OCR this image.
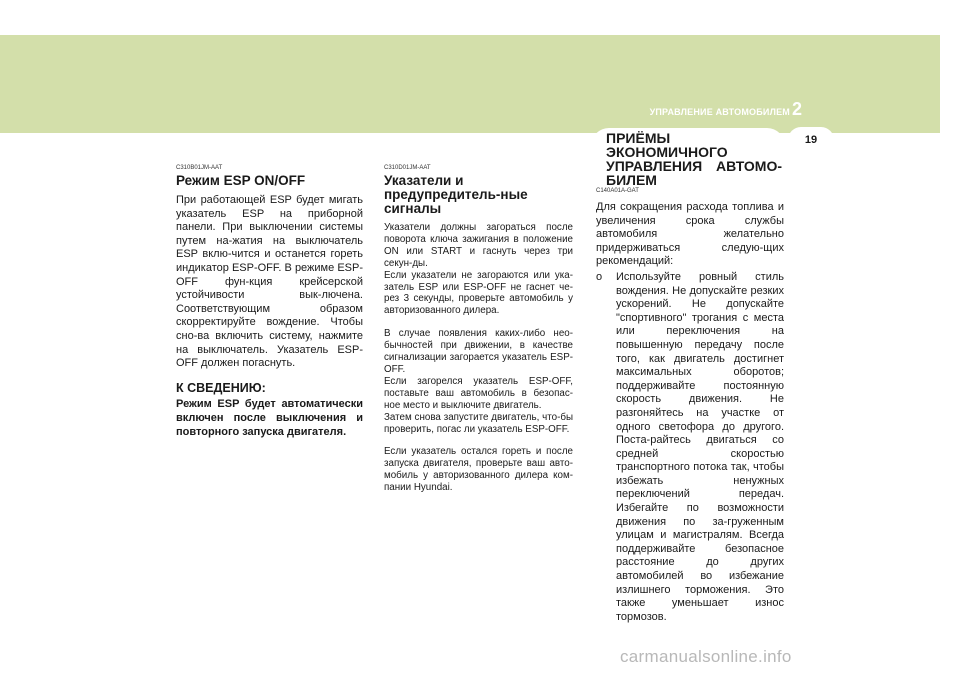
УПРАВЛЕНИЕ АВТОМОБИЛЕМ 2
19
ПРИЁМЫ ЭКОНОМИЧНОГО УПРАВЛЕНИЯ АВТОМО-БИЛЕМ
C310B01JM-AAT
Режим ESP ON/OFF

При работающей ESP будет мигать указатель ESP на приборной панели. При выключении системы путем на-жатия на выключатель ESP вклю-чится и останется гореть индикатор ESP-OFF. В режиме ESP-OFF фун-кция крейсерской устойчивости вык-лючена. Соответствующим образом скорректируйте вождение. Чтобы сно-ва включить систему, нажмите на выключатель. Указатель ESP-OFF должен погаснуть.

К СВЕДЕНИЮ:
Режим ESP будет автоматически включен после выключения и повторного запуска двигателя.
C310D01JM-AAT
Указатели и предупредитель-ные сигналы

Указатели должны загораться после поворота ключа зажигания в положение ON или START и гаснуть через три секун-ды.

Если указатели не загораются или ука-затель ESP или ESP-OFF не гаснет че-рез 3 секунды, проверьте автомобиль у авторизованного дилера.

В случае появления каких-либо нео-бычностей при движении, в качестве сигнализации загорается указатель ESP-OFF.

Если загорелся указатель ESP-OFF, поставьте ваш автомобиль в безопас-ное место и выключите двигатель.

Затем снова запустите двигатель, что-бы проверить, погас ли указатель ESP-OFF.

Если указатель остался гореть и после запуска двигателя, проверьте ваш авто-мобиль у авторизованного дилера ком-пании Hyundai.

C140A01A-GAT

Для сокращения расхода топлива и увеличения срока службы автомобиля желательно придерживаться следую-щих рекомендаций:

o	Используйте ровный стиль вождения. Не допускайте резких ускорений. Не допускайте "спортивного" трогания с места или переключения на повышенную передачу после того, как двигатель достигнет максимальных оборотов; поддерживайте постоянную скорость движения. Не разгоняйтесь на участке от одного светофора до другого. Поста-райтесь двигаться со средней скоростью транспортного потока так, чтобы избежать ненужных переключений передач. Избегайте по возможности движения по за-груженным улицам и магистралям. Всегда поддерживайте безопасное расстояние до других автомобилей во избежание излишнего торможения. Это также уменьшает износ тормозов.
carmanualsonline.info
